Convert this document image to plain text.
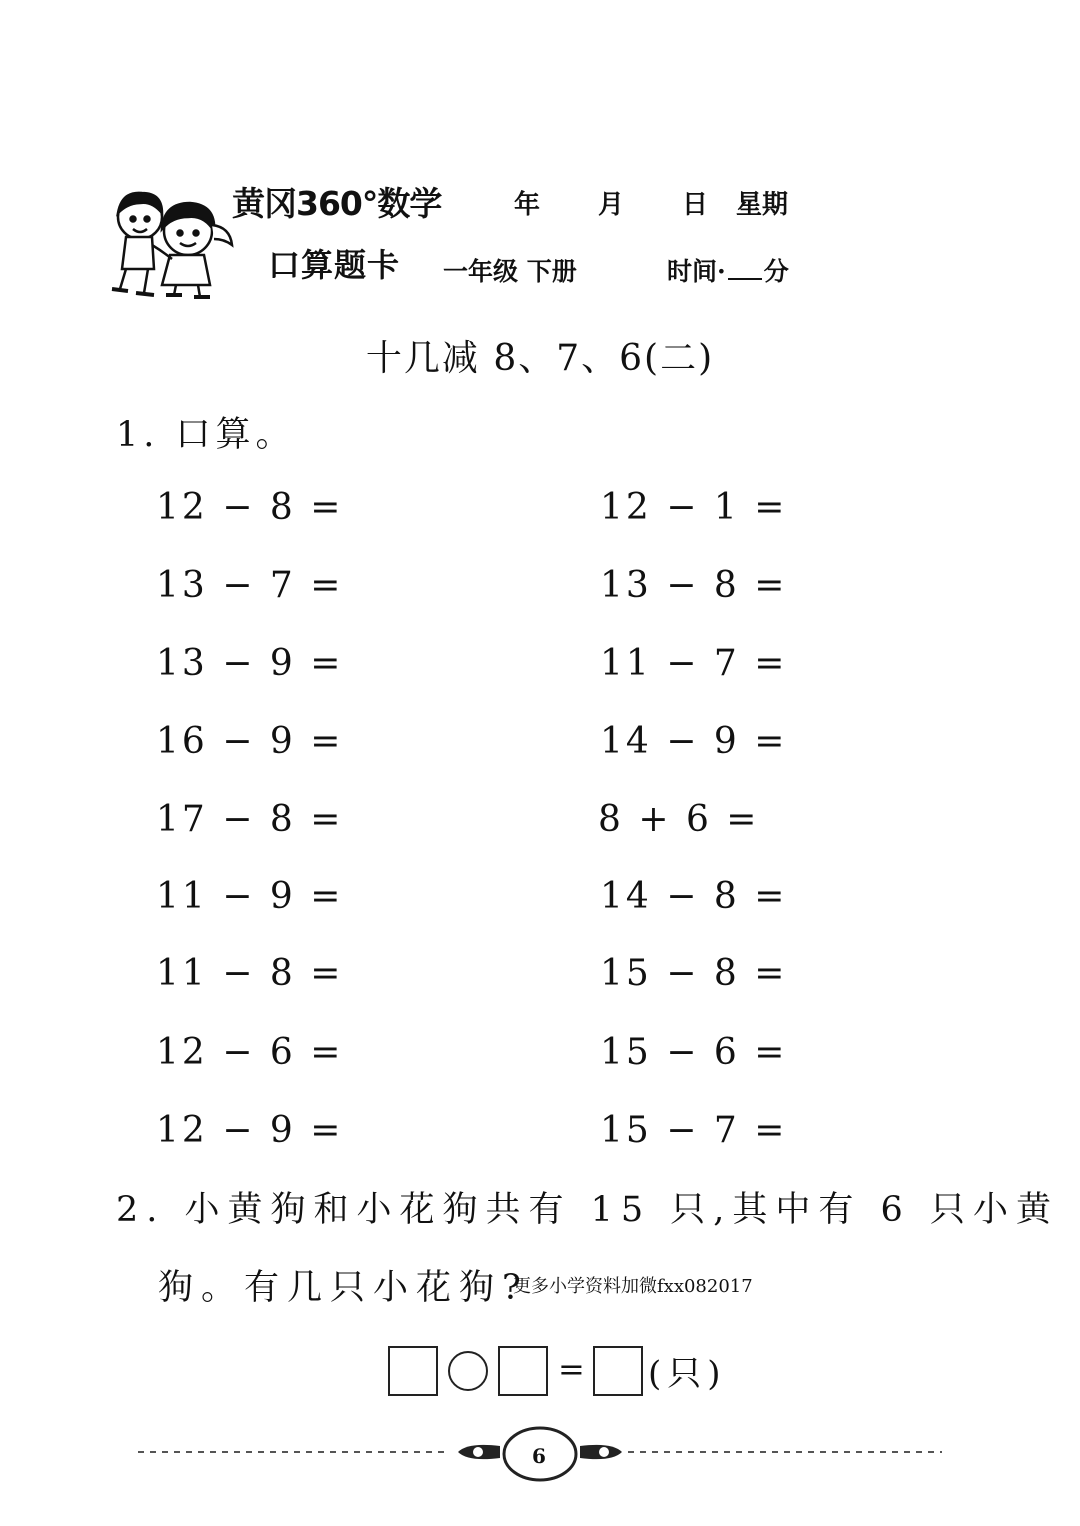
黄冈360°数学
口算题卡
年 月 日 星期
一年级 下册	时间· 分
十几减 8、7、6(二)
1. 口算。
12 − 8 =
13 − 7 =
13 − 9 =
16 − 9 =
17 − 8 =
11 − 9 =
11 − 8 =
12 − 6 =
12 − 9 =
12 − 1 =
13 − 8 =
11 − 7 =
14 − 9 =
8 + 6 =
14 − 8 =
15 − 8 =
15 − 6 =
15 − 7 =
2. 小黄狗和小花狗共有 15 只,其中有 6 只小黄
狗。有几只小花狗?
更多小学资料加微fxx082017
= (只)
6
